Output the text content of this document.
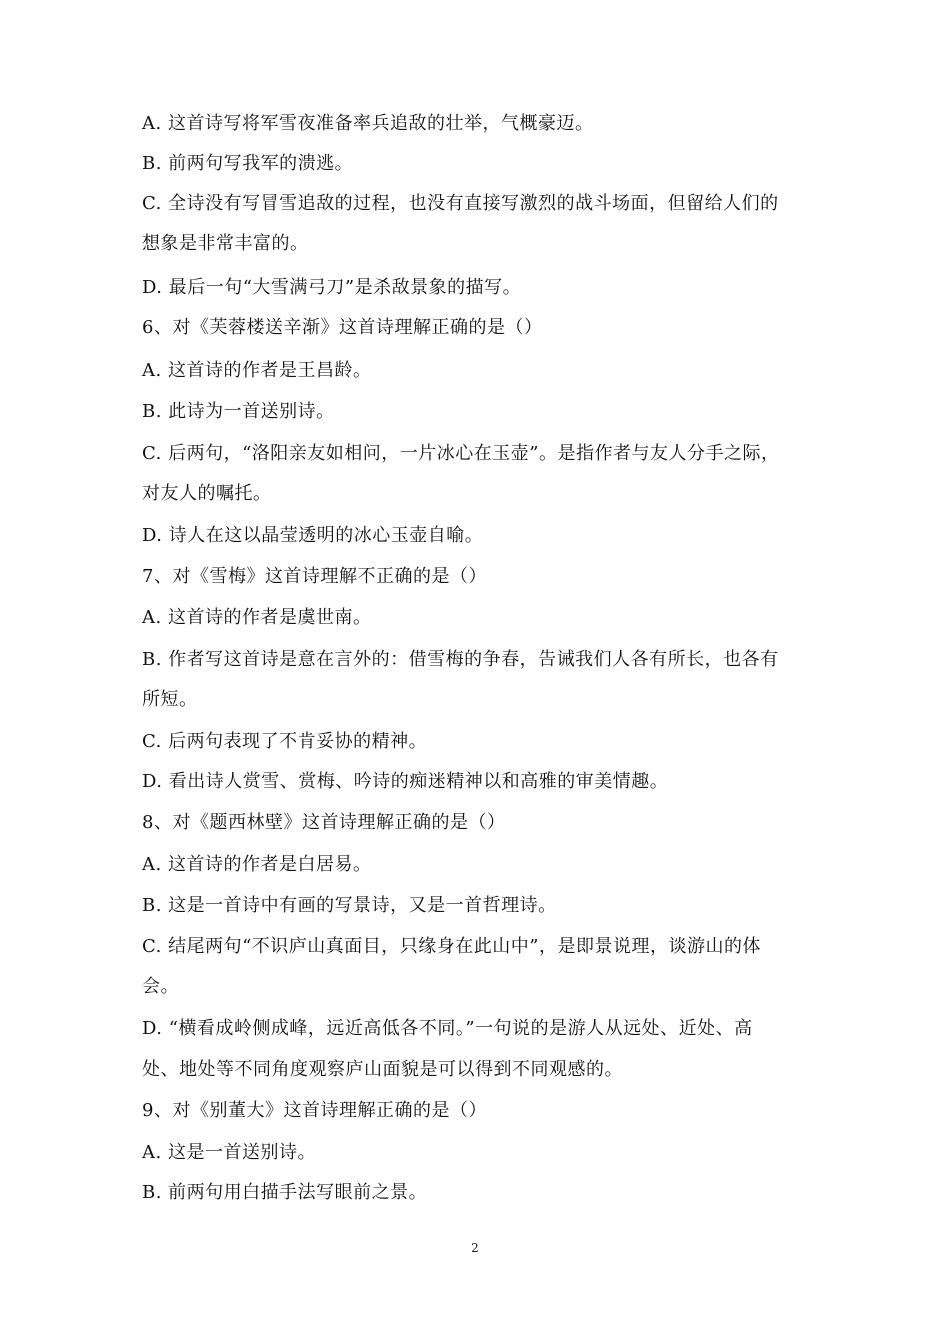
A. 这首诗写将军雪夜准备率兵追敌的壮举，气概豪迈。
B. 前两句写我军的溃逃。
C. 全诗没有写冒雪追敌的过程，也没有直接写激烈的战斗场面，但留给人们的
想象是非常丰富的。
D. 最后一句“大雪满弓刀”是杀敌景象的描写。
6、对《芙蓉楼送辛渐》这首诗理解正确的是（）
A. 这首诗的作者是王昌龄。
B. 此诗为一首送别诗。
C. 后两句，“洛阳亲友如相问，一片冰心在玉壶”。是指作者与友人分手之际，
对友人的嘱托。
D. 诗人在这以晶莹透明的冰心玉壶自喻。
7、对《雪梅》这首诗理解不正确的是（）
A. 这首诗的作者是虞世南。
B. 作者写这首诗是意在言外的：借雪梅的争春，告诫我们人各有所长，也各有
所短。
C. 后两句表现了不肯妥协的精神。
D. 看出诗人赏雪、赏梅、吟诗的痴迷精神以和高雅的审美情趣。
8、对《题西林壁》这首诗理解正确的是（）
A. 这首诗的作者是白居易。
B. 这是一首诗中有画的写景诗，又是一首哲理诗。
C. 结尾两句“不识庐山真面目，只缘身在此山中”，是即景说理，谈游山的体
会。
D. “横看成岭侧成峰，远近高低各不同。”一句说的是游人从远处、近处、高
处、地处等不同角度观察庐山面貌是可以得到不同观感的。
9、对《别董大》这首诗理解正确的是（）
A. 这是一首送别诗。
B. 前两句用白描手法写眼前之景。
2
